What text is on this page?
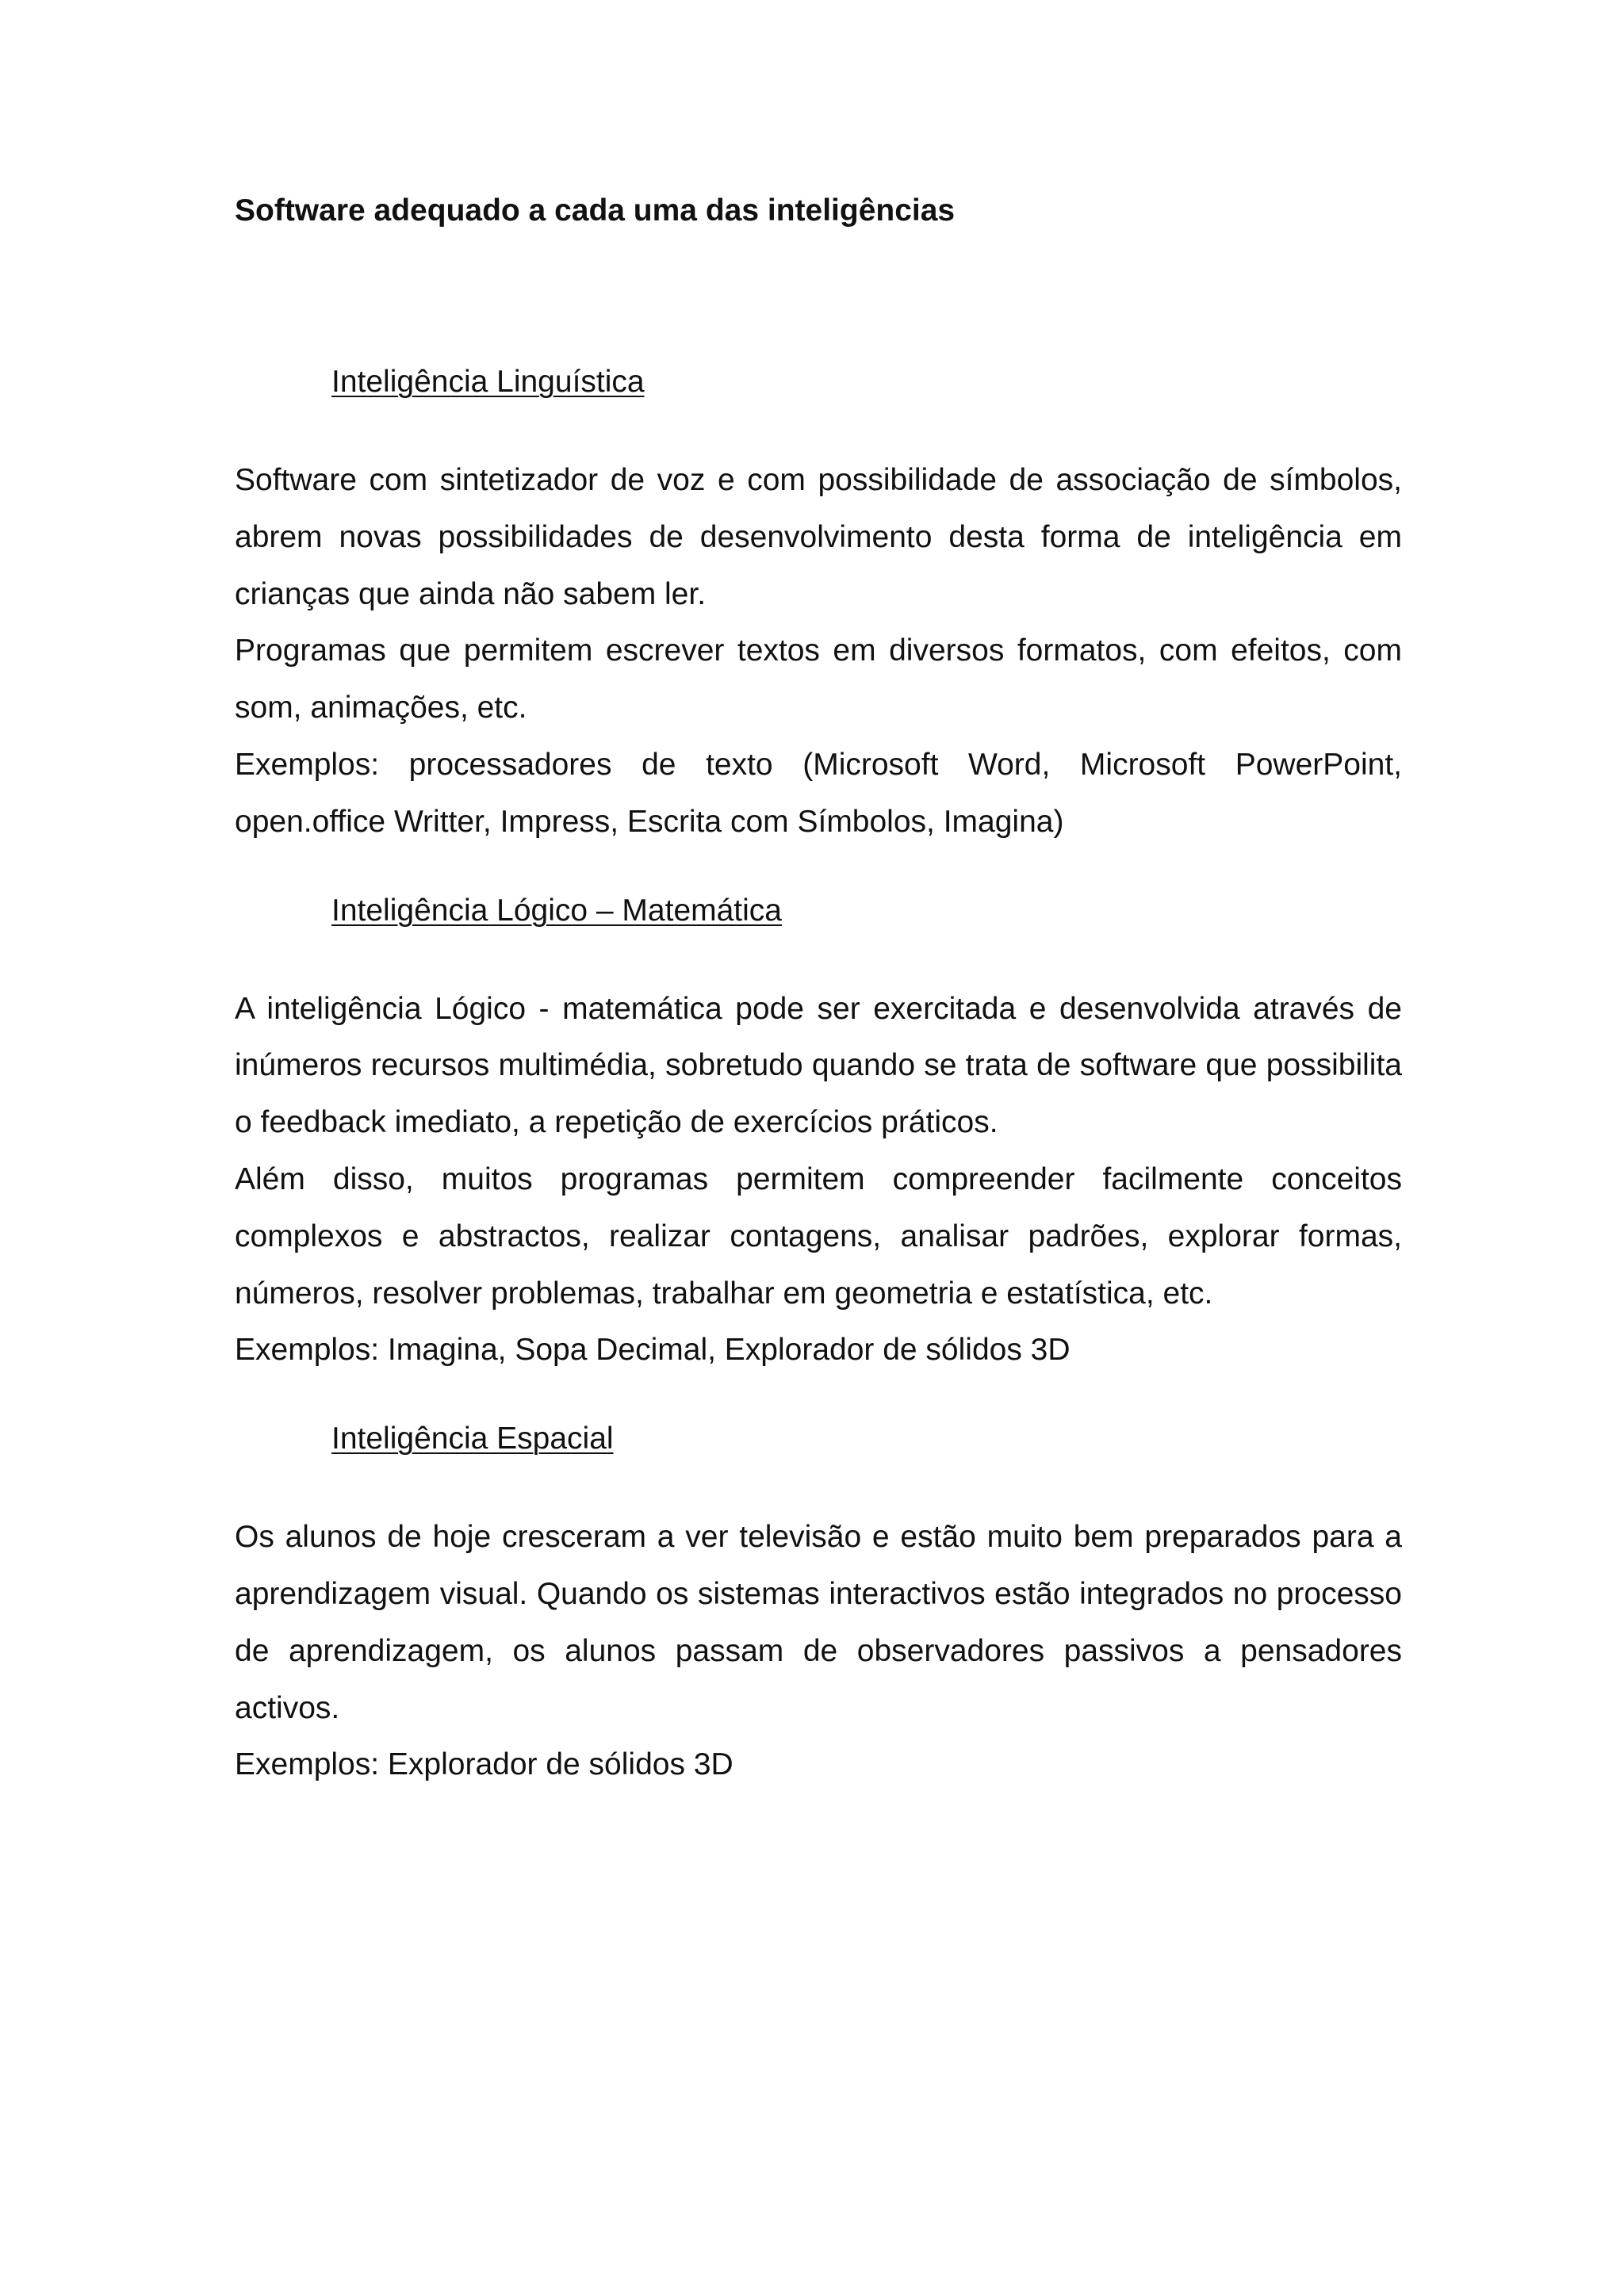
Software adequado a cada uma das inteligências
Inteligência Linguística

Software com sintetizador de voz e com possibilidade de associação de símbolos, abrem novas possibilidades de desenvolvimento desta forma de inteligência em crianças que ainda não sabem ler.

Programas que permitem escrever textos em diversos formatos, com efeitos, com som, animações, etc.

Exemplos: processadores de texto (Microsoft Word, Microsoft PowerPoint, open.office Writter, Impress, Escrita com Símbolos, Imagina)

Inteligência Lógico – Matemática

A inteligência Lógico - matemática pode ser exercitada e desenvolvida através de inúmeros recursos multimédia, sobretudo quando se trata de software que possibilita o feedback imediato, a repetição de exercícios práticos.

Além disso, muitos programas permitem compreender facilmente conceitos complexos e abstractos, realizar contagens, analisar padrões, explorar formas, números, resolver problemas, trabalhar em geometria e estatística, etc.

Exemplos: Imagina, Sopa Decimal, Explorador de sólidos 3D

Inteligência Espacial

Os alunos de hoje cresceram a ver televisão e estão muito bem preparados para a aprendizagem visual. Quando os sistemas interactivos estão integrados no processo de aprendizagem, os alunos passam de observadores passivos a pensadores activos.

Exemplos: Explorador de sólidos 3D
